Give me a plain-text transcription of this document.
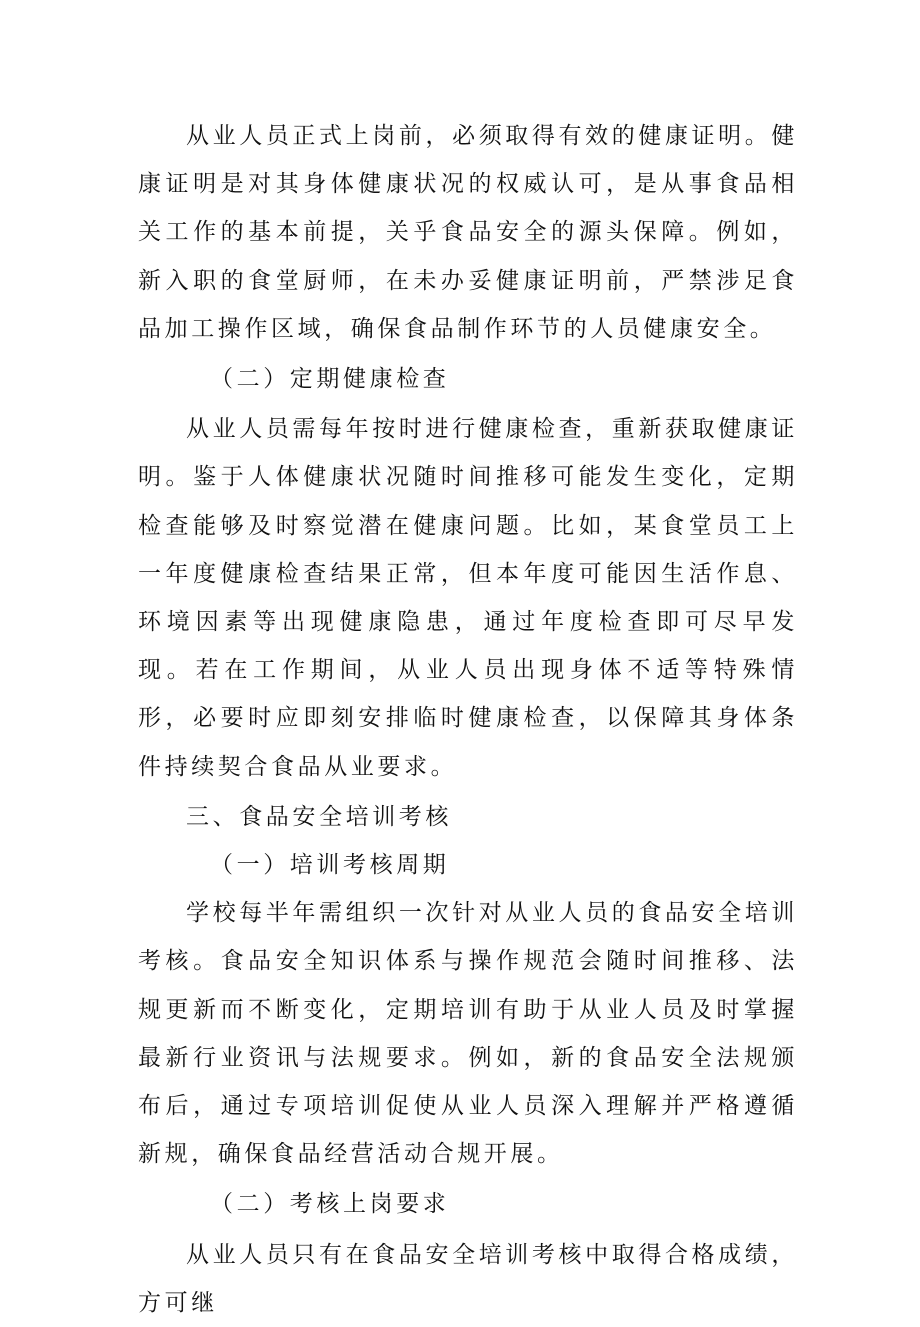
从业人员正式上岗前，必须取得有效的健康证明。健康证明是对其身体健康状况的权威认可，是从事食品相关工作的基本前提，关乎食品安全的源头保障。例如，新入职的食堂厨师，在未办妥健康证明前，严禁涉足食品加工操作区域，确保食品制作环节的人员健康安全。

（二）定期健康检查

从业人员需每年按时进行健康检查，重新获取健康证明。鉴于人体健康状况随时间推移可能发生变化，定期检查能够及时察觉潜在健康问题。比如，某食堂员工上一年度健康检查结果正常，但本年度可能因生活作息、环境因素等出现健康隐患，通过年度检查即可尽早发现。若在工作期间，从业人员出现身体不适等特殊情形，必要时应即刻安排临时健康检查，以保障其身体条件持续契合食品从业要求。

三、食品安全培训考核

（一）培训考核周期

学校每半年需组织一次针对从业人员的食品安全培训考核。食品安全知识体系与操作规范会随时间推移、法规更新而不断变化，定期培训有助于从业人员及时掌握最新行业资讯与法规要求。例如，新的食品安全法规颁布后，通过专项培训促使从业人员深入理解并严格遵循新规，确保食品经营活动合规开展。

（二）考核上岗要求

从业人员只有在食品安全培训考核中取得合格成绩，方可继
